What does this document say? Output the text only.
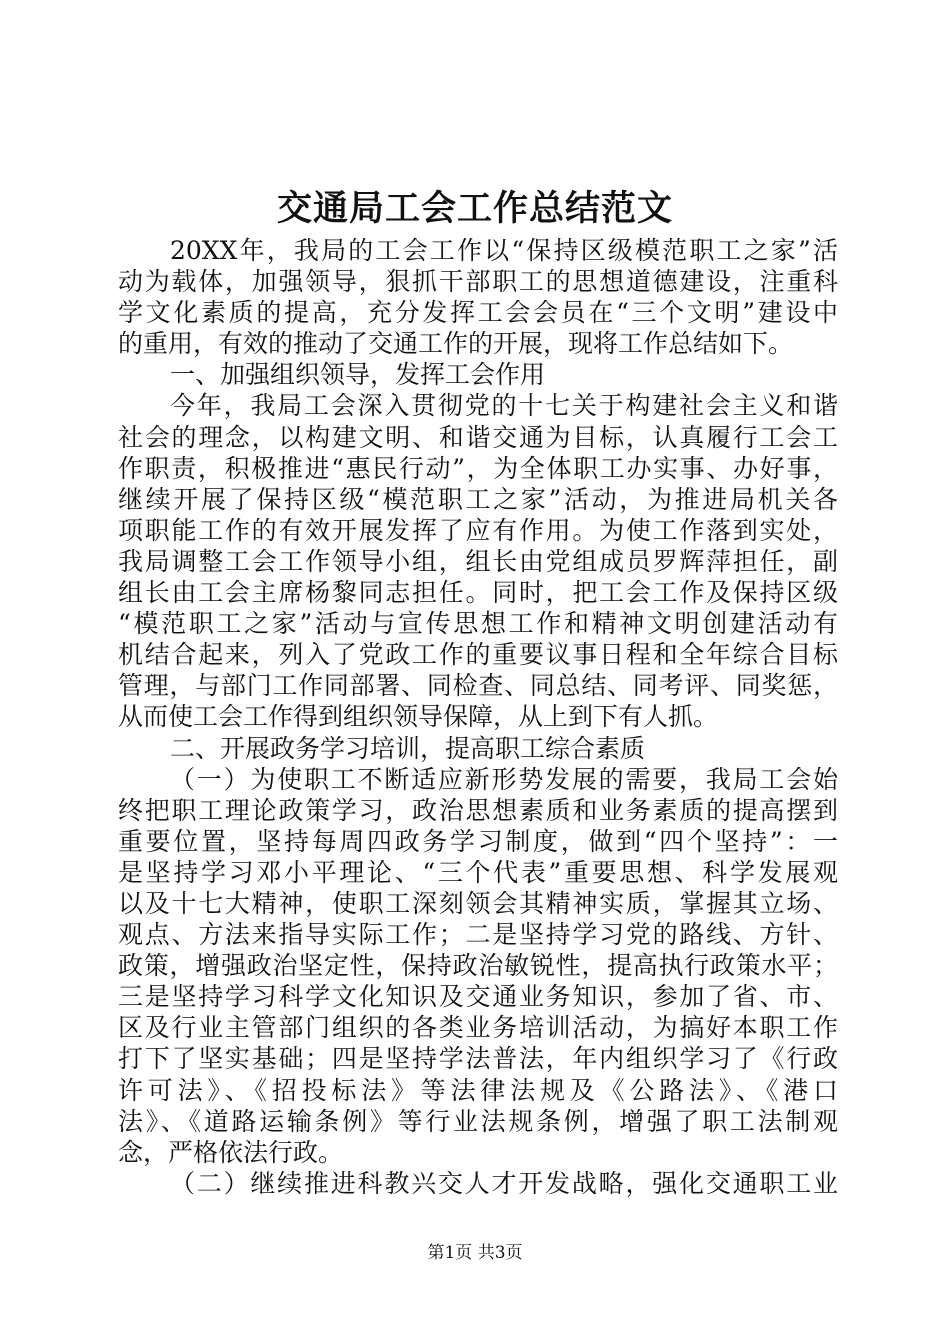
交通局工会工作总结范文
20XX年，我局的工会工作以“保持区级模范职工之家”活
动为载体，加强领导，狠抓干部职工的思想道德建设，注重科
学文化素质的提高，充分发挥工会会员在“三个文明”建设中
的重用，有效的推动了交通工作的开展，现将工作总结如下。
一、加强组织领导，发挥工会作用
今年，我局工会深入贯彻党的十七关于构建社会主义和谐
社会的理念，以构建文明、和谐交通为目标，认真履行工会工
作职责，积极推进“惠民行动”，为全体职工办实事、办好事，
继续开展了保持区级“模范职工之家”活动，为推进局机关各
项职能工作的有效开展发挥了应有作用。为使工作落到实处，
我局调整工会工作领导小组，组长由党组成员罗辉萍担任，副
组长由工会主席杨黎同志担任。同时，把工会工作及保持区级
“模范职工之家”活动与宣传思想工作和精神文明创建活动有
机结合起来，列入了党政工作的重要议事日程和全年综合目标
管理，与部门工作同部署、同检查、同总结、同考评、同奖惩，
从而使工会工作得到组织领导保障，从上到下有人抓。
二、开展政务学习培训，提高职工综合素质
（一）为使职工不断适应新形势发展的需要，我局工会始
终把职工理论政策学习，政治思想素质和业务素质的提高摆到
重要位置，坚持每周四政务学习制度，做到“四个坚持”：一
是坚持学习邓小平理论、“三个代表”重要思想、科学发展观
以及十七大精神，使职工深刻领会其精神实质，掌握其立场、
观点、方法来指导实际工作；二是坚持学习党的路线、方针、
政策，增强政治坚定性，保持政治敏锐性，提高执行政策水平；
三是坚持学习科学文化知识及交通业务知识，参加了省、市、
区及行业主管部门组织的各类业务培训活动，为搞好本职工作
打下了坚实基础；四是坚持学法普法，年内组织学习了《行政
许可法》、《招投标法》等法律法规及《公路法》、《港口
法》、《道路运输条例》等行业法规条例，增强了职工法制观
念，严格依法行政。
（二）继续推进科教兴交人才开发战略，强化交通职工业
第1页 共3页
